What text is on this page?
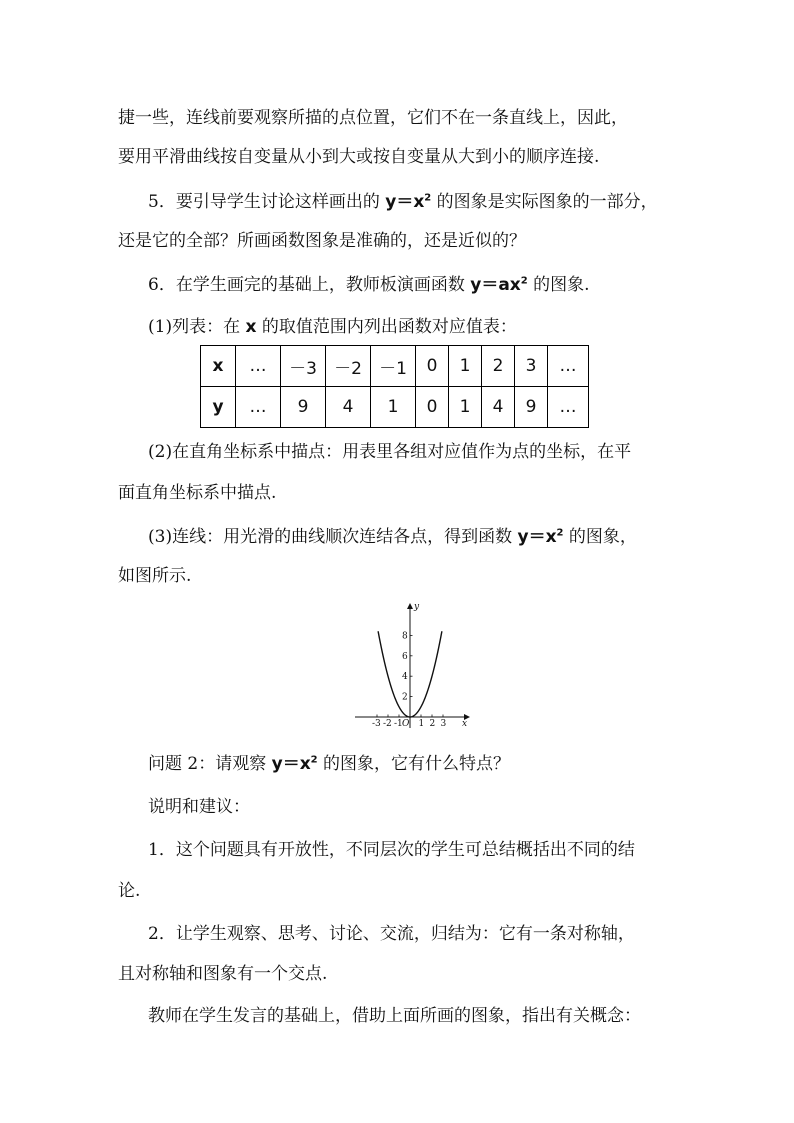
捷一些，连线前要观察所描的点位置，它们不在一条直线上，因此，
要用平滑曲线按自变量从小到大或按自变量从大到小的顺序连接.
5．要引导学生讨论这样画出的 $y=x^2$ 的图象是实际图象的一部分，
还是它的全部？所画函数图象是准确的，还是近似的？
6．在学生画完的基础上，教师板演画函数 $y=ax^2$ 的图象.
(1)列表：在 x 的取值范围内列出函数对应值表：
x	…	－3	－2	－1	0	1	2	3	…
y	…	9	4	1	0	1	4	9	…
(2)在直角坐标系中描点：用表里各组对应值作为点的坐标，在平
面直角坐标系中描点.
(3)连线：用光滑的曲线顺次连结各点，得到函数 $y=x^2$ 的图象，
如图所示.
-3 -2 -1 1 2 3
2
4
6
8
x
y
O
问题 2：请观察 $y=x^2$ 的图象，它有什么特点？
说明和建议：
1．这个问题具有开放性，不同层次的学生可总结概括出不同的结
论.
2．让学生观察、思考、讨论、交流，归结为：它有一条对称轴，
且对称轴和图象有一个交点.
教师在学生发言的基础上，借助上面所画的图象，指出有关概念：
